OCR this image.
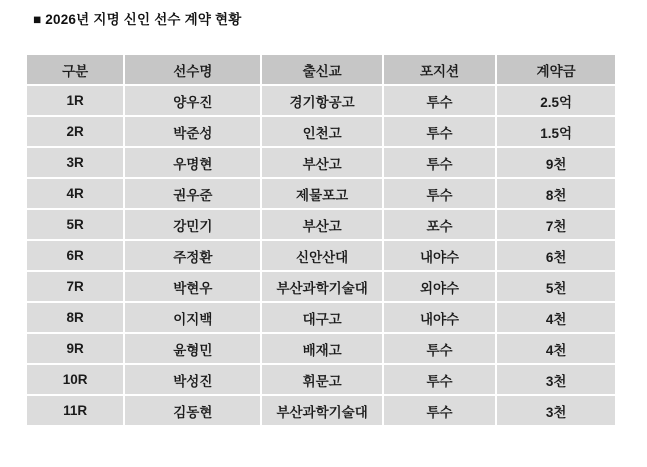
■ 2026년 지명 신인 선수 계약 현황
구분	선수명	출신교	포지션	계약금
1R	양우진	경기항공고	투수	2.5억
2R	박준성	인천고	투수	1.5억
3R	우명현	부산고	투수	9천
4R	권우준	제물포고	투수	8천
5R	강민기	부산고	포수	7천
6R	주정환	신안산대	내야수	6천
7R	박현우	부산과학기술대	외야수	5천
8R	이지백	대구고	내야수	4천
9R	윤형민	배재고	투수	4천
10R	박성진	휘문고	투수	3천
11R	김동현	부산과학기술대	투수	3천
